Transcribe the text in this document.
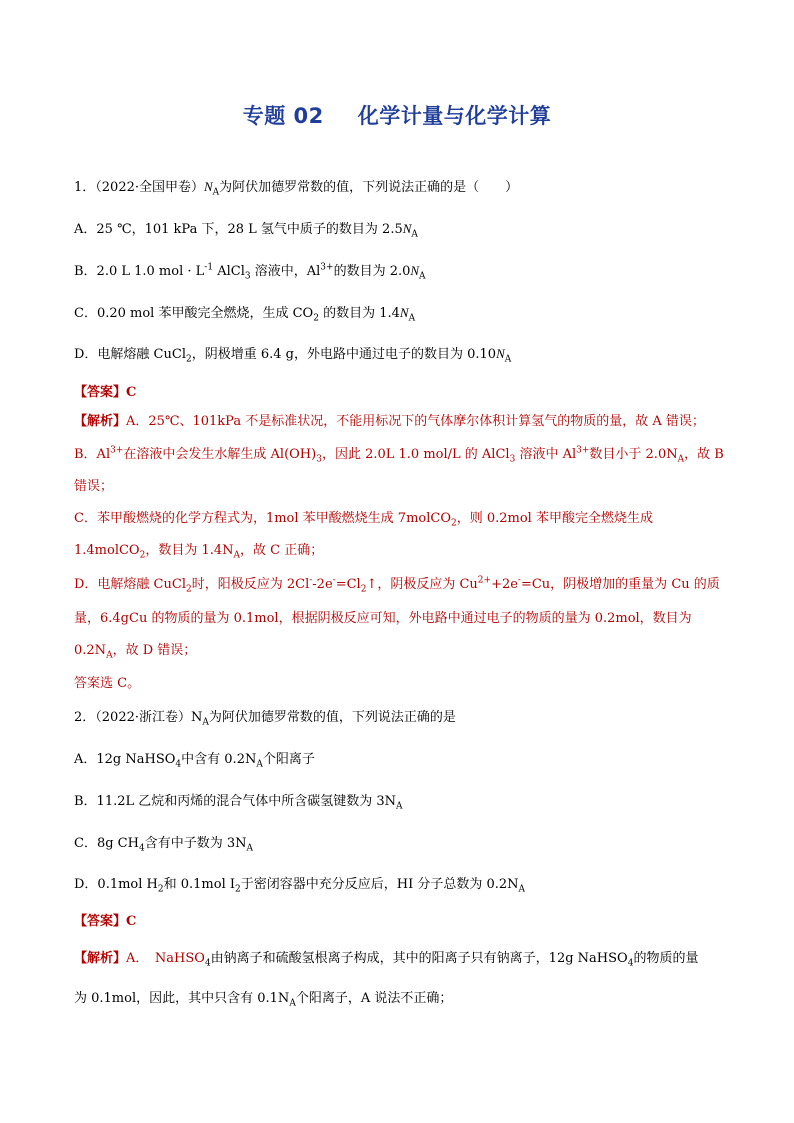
专题 02 化学计量与化学计算
1．（2022·全国甲卷）$N_A$为阿伏加德罗常数的值，下列说法正确的是（　　）
A．25 ℃，101 kPa 下，28 L 氢气中质子的数目为 $2.5N_A$
B．2.0 L 1.0 mol · $L^{-1}$ AlCl$_3$ 溶液中，$Al^{3+}$的数目为 $2.0N_A$
C．0.20 mol 苯甲酸完全燃烧，生成 $CO_2$ 的数目为 $1.4N_A$
D．电解熔融 CuCl$_2$，阴极增重 6.4 g，外电路中通过电子的数目为 $0.10N_A$
【答案】C
【解析】A．25℃、101kPa 不是标准状况，不能用标况下的气体摩尔体积计算氢气的物质的量，故 A 错误；
B．$Al^{3+}$在溶液中会发生水解生成 $Al(OH)_3$，因此 2.0L 1.0 mol/L 的 AlCl$_3$ 溶液中 $Al^{3+}$数目小于 $2.0N_A$，故 B
错误；
C．苯甲酸燃烧的化学方程式为，1mol 苯甲酸燃烧生成 7molCO$_2$，则 0.2mol 苯甲酸完全燃烧生成
1.4molCO$_2$，数目为 $1.4N_A$，故 C 正确；
D．电解熔融 CuCl$_2$时，阳极反应为 $2Cl^--2e^-=Cl_2↑$，阴极反应为 $Cu^{2+}+2e^-=Cu$，阴极增加的重量为 Cu 的质
量，6.4gCu 的物质的量为 0.1mol，根据阴极反应可知，外电路中通过电子的物质的量为 0.2mol，数目为
$0.2N_A$，故 D 错误；
答案选 C。
2．（2022·浙江卷）$N_A$为阿伏加德罗常数的值，下列说法正确的是
A．12g NaHSO$_4$中含有 $0.2N_A$个阳离子
B．11.2L 乙烷和丙烯的混合气体中所含碳氢键数为 $3N_A$
C．8g $CH_4$含有中子数为 $3N_A$
D．0.1mol $H_2$和 0.1mol $I_2$于密闭容器中充分反应后，HI 分子总数为 $0.2N_A$
【答案】C
【解析】A．　NaHSO$_4$由钠离子和硫酸氢根离子构成，其中的阳离子只有钠离子，12g NaHSO$_4$的物质的量
为 0.1mol，因此，其中只含有 $0.1N_A$个阳离子，A 说法不正确；
